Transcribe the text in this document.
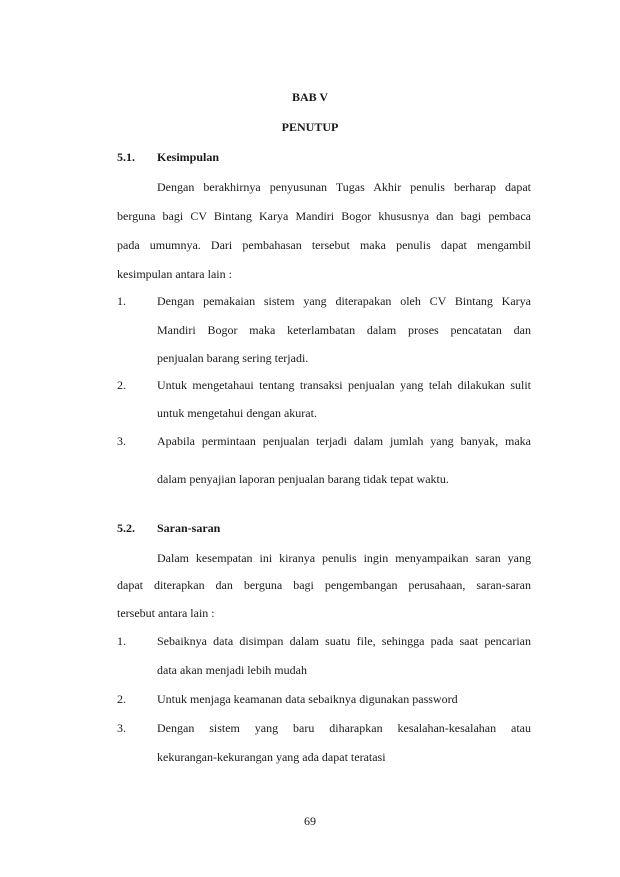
BAB V
PENUTUP
5.1. Kesimpulan
Dengan berakhirnya penyusunan Tugas Akhir penulis berharap dapat
berguna bagi CV Bintang Karya Mandiri Bogor khususnya dan bagi pembaca
pada umumnya. Dari pembahasan tersebut maka penulis dapat mengambil
kesimpulan antara lain :
1.	Dengan pemakaian sistem yang diterapakan oleh CV Bintang Karya
Mandiri Bogor maka keterlambatan dalam proses pencatatan dan
penjualan barang sering terjadi.
2.	Untuk mengetahaui tentang transaksi penjualan yang telah dilakukan sulit
untuk mengetahui dengan akurat.
3.	Apabila permintaan penjualan terjadi dalam jumlah yang banyak, maka
dalam penyajian laporan penjualan barang tidak tepat waktu.
5.2. Saran-saran
Dalam kesempatan ini kiranya penulis ingin menyampaikan saran yang
dapat diterapkan dan berguna bagi pengembangan perusahaan, saran-saran
tersebut antara lain :
1.	Sebaiknya data disimpan dalam suatu file, sehingga pada saat pencarian
data akan menjadi lebih mudah
2.	Untuk menjaga keamanan data sebaiknya digunakan password
3.	Dengan sistem yang baru diharapkan kesalahan-kesalahan atau
kekurangan-kekurangan yang ada dapat teratasi
69
